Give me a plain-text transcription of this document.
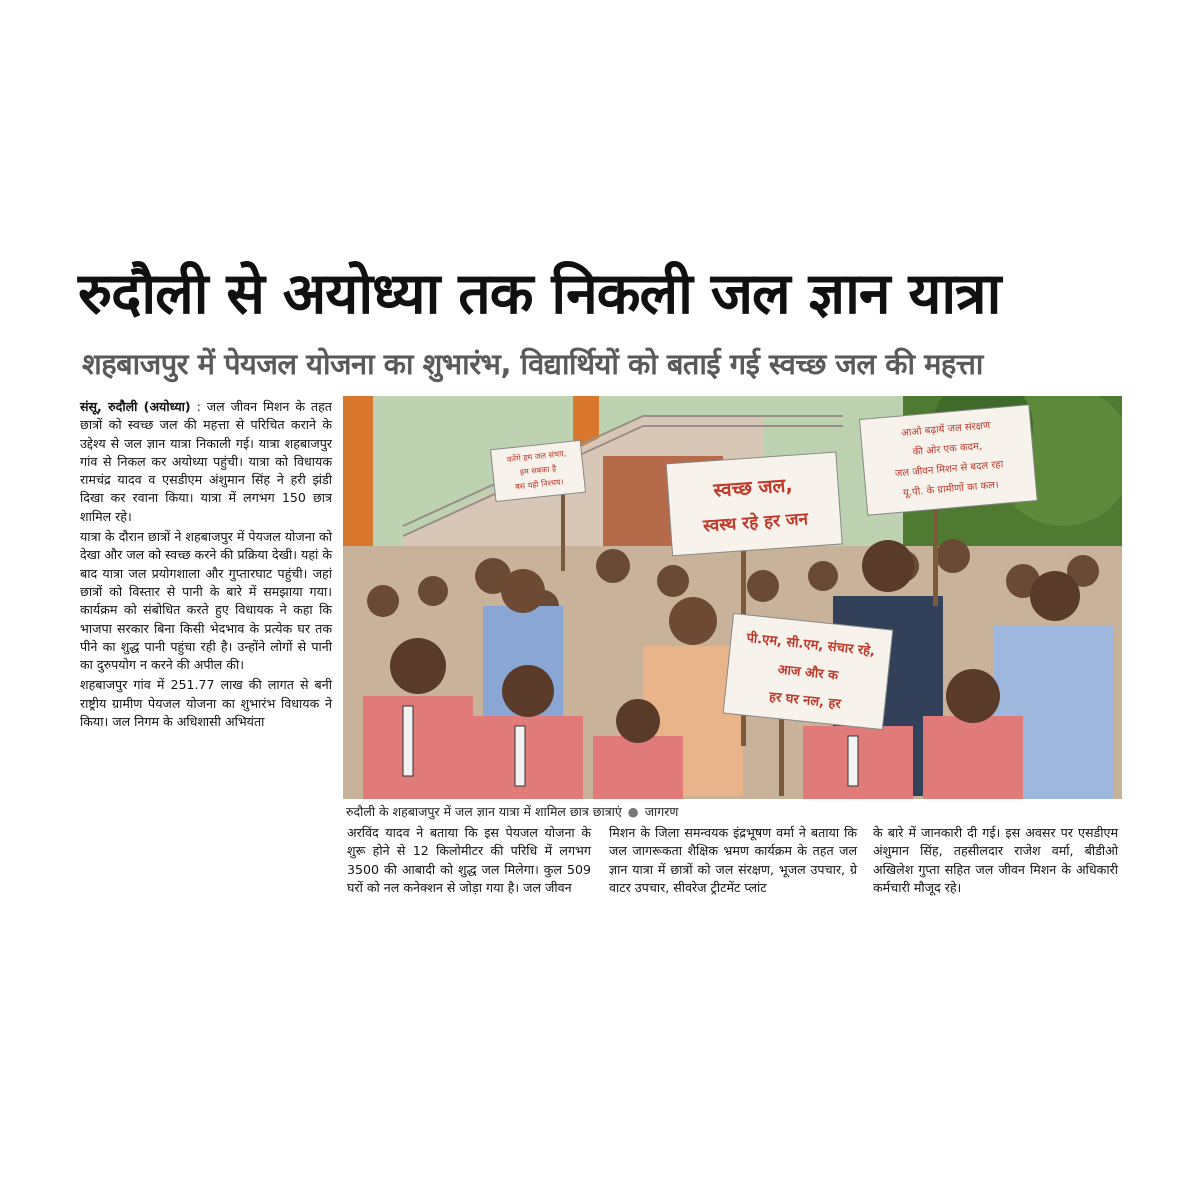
रुदौली से अयोध्या तक निकली जल ज्ञान यात्रा
शहबाजपुर में पेयजल योजना का शुभारंभ, विद्यार्थियों को बताई गई स्वच्छ जल की महत्ता

संसू, रुदौली (अयोध्या) : जल जीवन मिशन के तहत छात्रों को स्वच्छ जल की महत्ता से परिचित कराने के उद्देश्य से जल ज्ञान यात्रा निकाली गई। यात्रा शहबाजपुर गांव से निकल कर अयोध्या पहुंची। यात्रा को विधायक रामचंद्र यादव व एसडीएम अंशुमान सिंह ने हरी झंडी दिखा कर रवाना किया। यात्रा में लगभग 150 छात्र शामिल रहे।

यात्रा के दौरान छात्रों ने शहबाजपुर में पेयजल योजना को देखा और जल को स्वच्छ करने की प्रक्रिया देखी। यहां के बाद यात्रा जल प्रयोगशाला और गुप्तारघाट पहुंची। जहां छात्रों को विस्तार से पानी के बारे में समझाया गया। कार्यक्रम को संबोधित करते हुए विधायक ने कहा कि भाजपा सरकार बिना किसी भेदभाव के प्रत्येक घर तक पीने का शुद्ध पानी पहुंचा रही है। उन्होंने लोगों से पानी का दुरुपयोग न करने की अपील की।

शहबाजपुर गांव में 251.77 लाख की लागत से बनी राष्ट्रीय ग्रामीण पेयजल योजना का शुभारंभ विधायक ने किया। जल निगम के अधिशासी अभियंता

करेंगे हम जल संचय,
हम सबका है
बस यही निश्चय।	स्वच्छ जल,
स्वस्थ रहे हर जन
आओ बढ़ायें जल संरक्षण
की ओर एक कदम,
जल जीवन मिशन से बदल रहा
यू.पी. के ग्रामीणों का कल।
पी.एम, सी.एम, संचार रहे,
आज और क
हर घर नल, हर
रुदौली के शहबाजपुर में जल ज्ञान यात्रा में शामिल छात्र छात्राएं ● जागरण

अरविंद यादव ने बताया कि इस पेयजल योजना के शुरू होने से 12 किलोमीटर की परिधि में लगभग 3500 की आबादी को शुद्ध जल मिलेगा। कुल 509 घरों को नल कनेक्शन से जोड़ा गया है। जल जीवन

मिशन के जिला समन्वयक इंद्रभूषण वर्मा ने बताया कि जल जागरूकता शैक्षिक भ्रमण कार्यक्रम के तहत जल ज्ञान यात्रा में छात्रों को जल संरक्षण, भूजल उपचार, ग्रे वाटर उपचार, सीवरेज ट्रीटमेंट प्लांट

के बारे में जानकारी दी गई। इस अवसर पर एसडीएम अंशुमान सिंह, तहसीलदार राजेश वर्मा, बीडीओ अखिलेश गुप्ता सहित जल जीवन मिशन के अधिकारी कर्मचारी मौजूद रहे।
